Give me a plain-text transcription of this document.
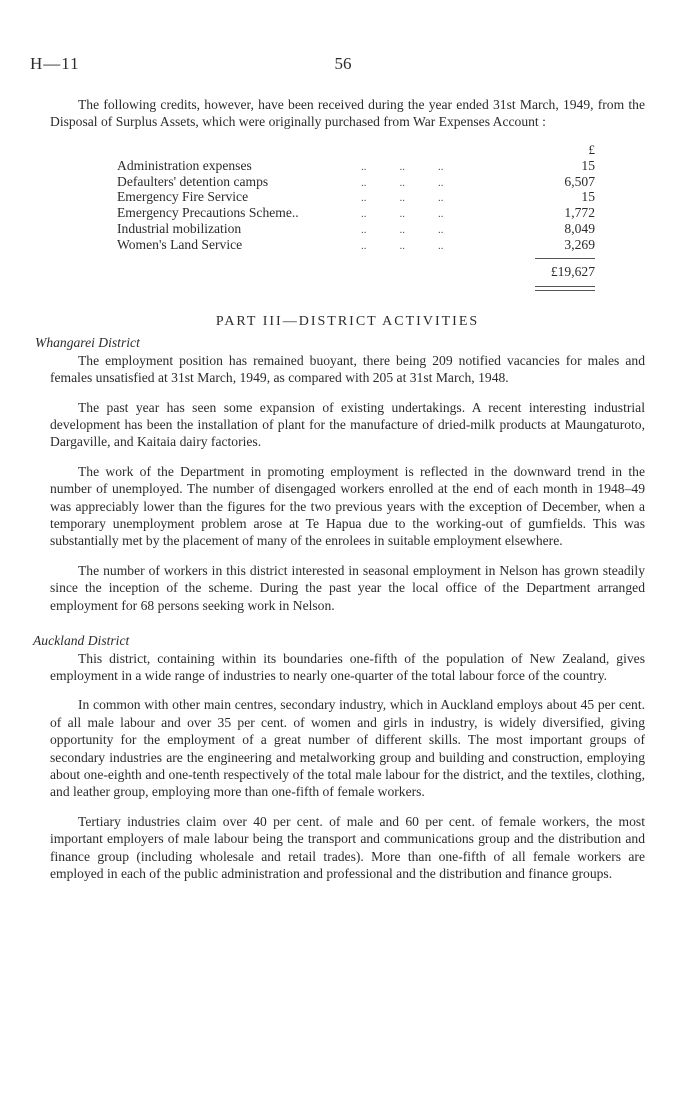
H—11	56

The following credits, however, have been received during the year ended 31st March, 1949, from the Disposal of Surplus Assets, which were originally purchased from War Expenses Account :

£
Administration expenses	..            ..            ..	15
Defaulters' detention camps	..            ..            ..	6,507
Emergency Fire Service	..            ..            ..	15
Emergency Precautions Scheme..	..            ..            ..	1,772
Industrial mobilization	..            ..            ..	8,049
Women's Land Service	..            ..            ..	3,269
£19,627
PART III—DISTRICT ACTIVITIES

Whangarei District

The employment position has remained buoyant, there being 209 notified vacancies for males and females unsatisfied at 31st March, 1949, as compared with 205 at 31st March, 1948.

The past year has seen some expansion of existing undertakings. A recent interesting industrial development has been the installation of plant for the manufacture of dried-milk products at Maungaturoto, Dargaville, and Kaitaia dairy factories.

The work of the Department in promoting employment is reflected in the downward trend in the number of unemployed. The number of disengaged workers enrolled at the end of each month in 1948–49 was appreciably lower than the figures for the two previous years with the exception of December, when a temporary unemployment problem arose at Te Hapua due to the working-out of gumfields. This was substantially met by the placement of many of the enrolees in suitable employment elsewhere.

The number of workers in this district interested in seasonal employment in Nelson has grown steadily since the inception of the scheme. During the past year the local office of the Department arranged employment for 68 persons seeking work in Nelson.

Auckland District

This district, containing within its boundaries one-fifth of the population of New Zealand, gives employment in a wide range of industries to nearly one-quarter of the total labour force of the country.

In common with other main centres, secondary industry, which in Auckland employs about 45 per cent. of all male labour and over 35 per cent. of women and girls in industry, is widely diversified, giving opportunity for the employment of a great number of different skills. The most important groups of secondary industries are the engineering and metalworking group and building and construction, employing about one-eighth and one-tenth respectively of the total male labour for the district, and the textiles, clothing, and leather group, employing more than one-fifth of female workers.

Tertiary industries claim over 40 per cent. of male and 60 per cent. of female workers, the most important employers of male labour being the transport and communications group and the distribution and finance group (including wholesale and retail trades). More than one-fifth of all female workers are employed in each of the public administration and professional and the distribution and finance groups.
